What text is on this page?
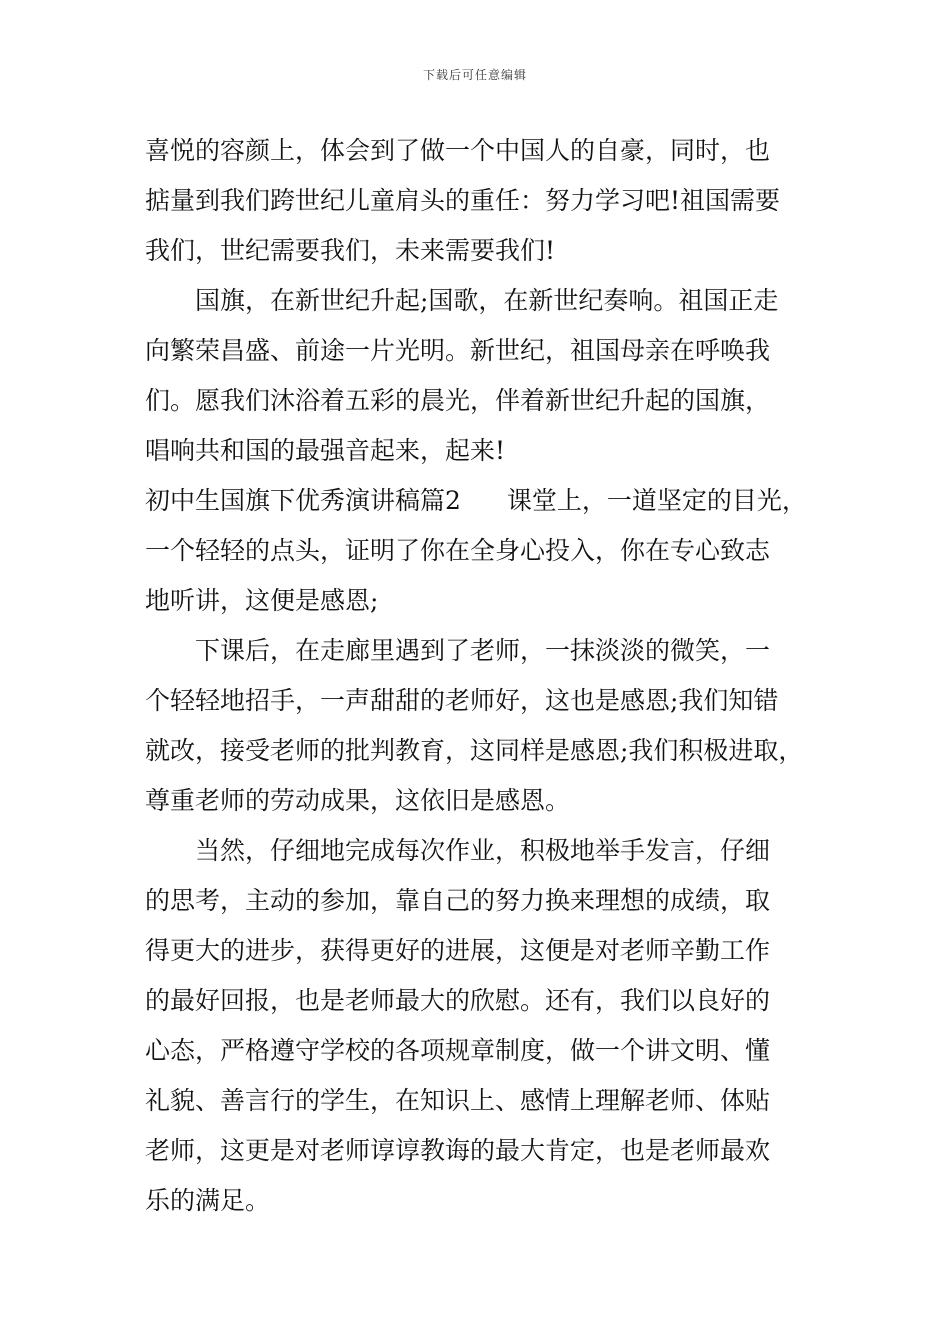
下载后可任意编辑
喜悦的容颜上，体会到了做一个中国人的自豪，同时，也
掂量到我们跨世纪儿童肩头的重任：努力学习吧!祖国需要
我们，世纪需要我们，未来需要我们!
国旗，在新世纪升起;国歌，在新世纪奏响。祖国正走
向繁荣昌盛、前途一片光明。新世纪，祖国母亲在呼唤我
们。愿我们沐浴着五彩的晨光，伴着新世纪升起的国旗，
唱响共和国的最强音起来，起来!
初中生国旗下优秀演讲稿篇2 课堂上，一道坚定的目光，
一个轻轻的点头，证明了你在全身心投入，你在专心致志
地听讲，这便是感恩;
下课后，在走廊里遇到了老师，一抹淡淡的微笑，一
个轻轻地招手，一声甜甜的老师好，这也是感恩;我们知错
就改，接受老师的批判教育，这同样是感恩;我们积极进取，
尊重老师的劳动成果，这依旧是感恩。
当然，仔细地完成每次作业，积极地举手发言，仔细
的思考，主动的参加，靠自己的努力换来理想的成绩，取
得更大的进步，获得更好的进展，这便是对老师辛勤工作
的最好回报，也是老师最大的欣慰。还有，我们以良好的
心态，严格遵守学校的各项规章制度，做一个讲文明、懂
礼貌、善言行的学生，在知识上、感情上理解老师、体贴
老师，这更是对老师谆谆教诲的最大肯定，也是老师最欢
乐的满足。
